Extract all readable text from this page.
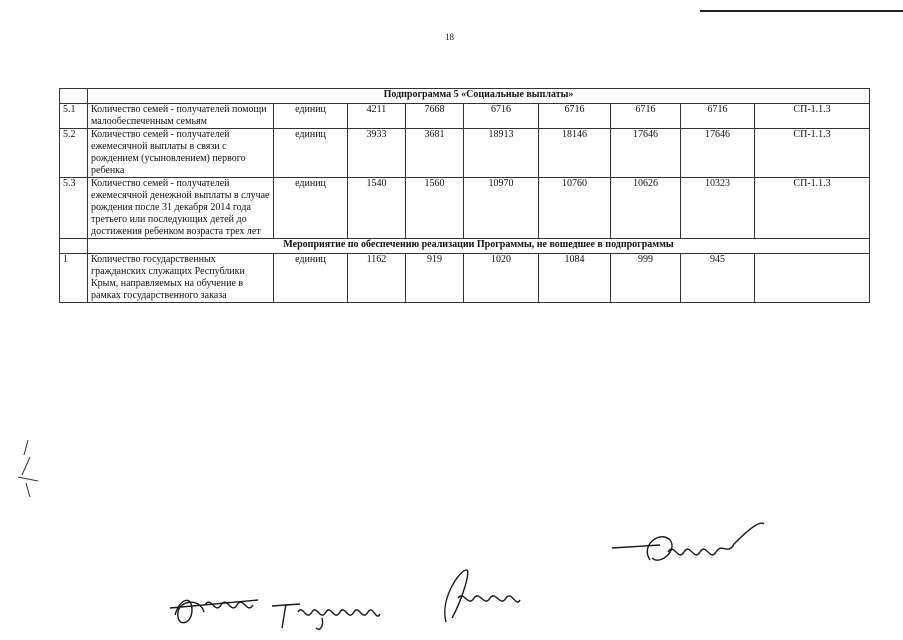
18
	Подпрограмма 5 «Социальные выплаты»								
5.1	Количество семей - получателей помощи малообеспеченным семьям	единиц	4211	7668	6716	6716	6716	6716	СП-1.1.3
5.2	Количество семей - получателей ежемесячной выплаты в связи с рождением (усыновлением) первого ребенка	единиц	3933	3681	18913	18146	17646	17646	СП-1.1.3
5.3	Количество семей - получателей ежемесячной денежной выплаты в случае рождения после 31 декабря 2014 года третьего или последующих детей до достижения ребенком возраста трех лет	единиц	1540	1560	10970	10760	10626	10323	СП-1.1.3
	Мероприятие по обеспечению реализации Программы, не вошедшее в подпрограммы								
1	Количество государственных гражданских служащих Республики Крым, направляемых на обучение в рамках государственного заказа	единиц	1162	919	1020	1084	999	945	
